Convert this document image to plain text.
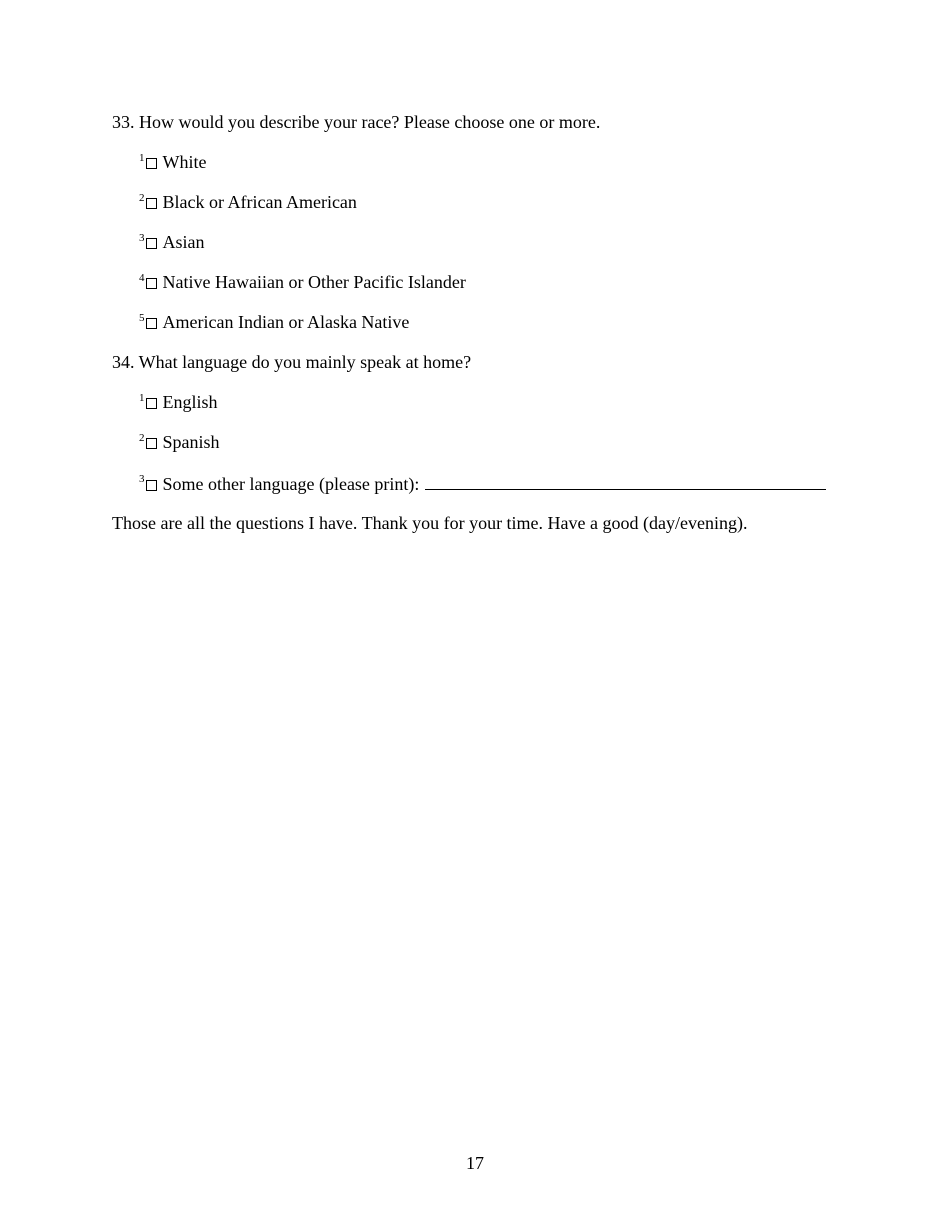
33. How would you describe your race? Please choose one or more.
$^1$ White
$^2$ Black or African American
$^3$ Asian
$^4$ Native Hawaiian or Other Pacific Islander
$^5$ American Indian or Alaska Native
34. What language do you mainly speak at home?
$^1$ English
$^2$ Spanish
$^3$ Some other language (please print):
Those are all the questions I have. Thank you for your time. Have a good (day/evening).
17
